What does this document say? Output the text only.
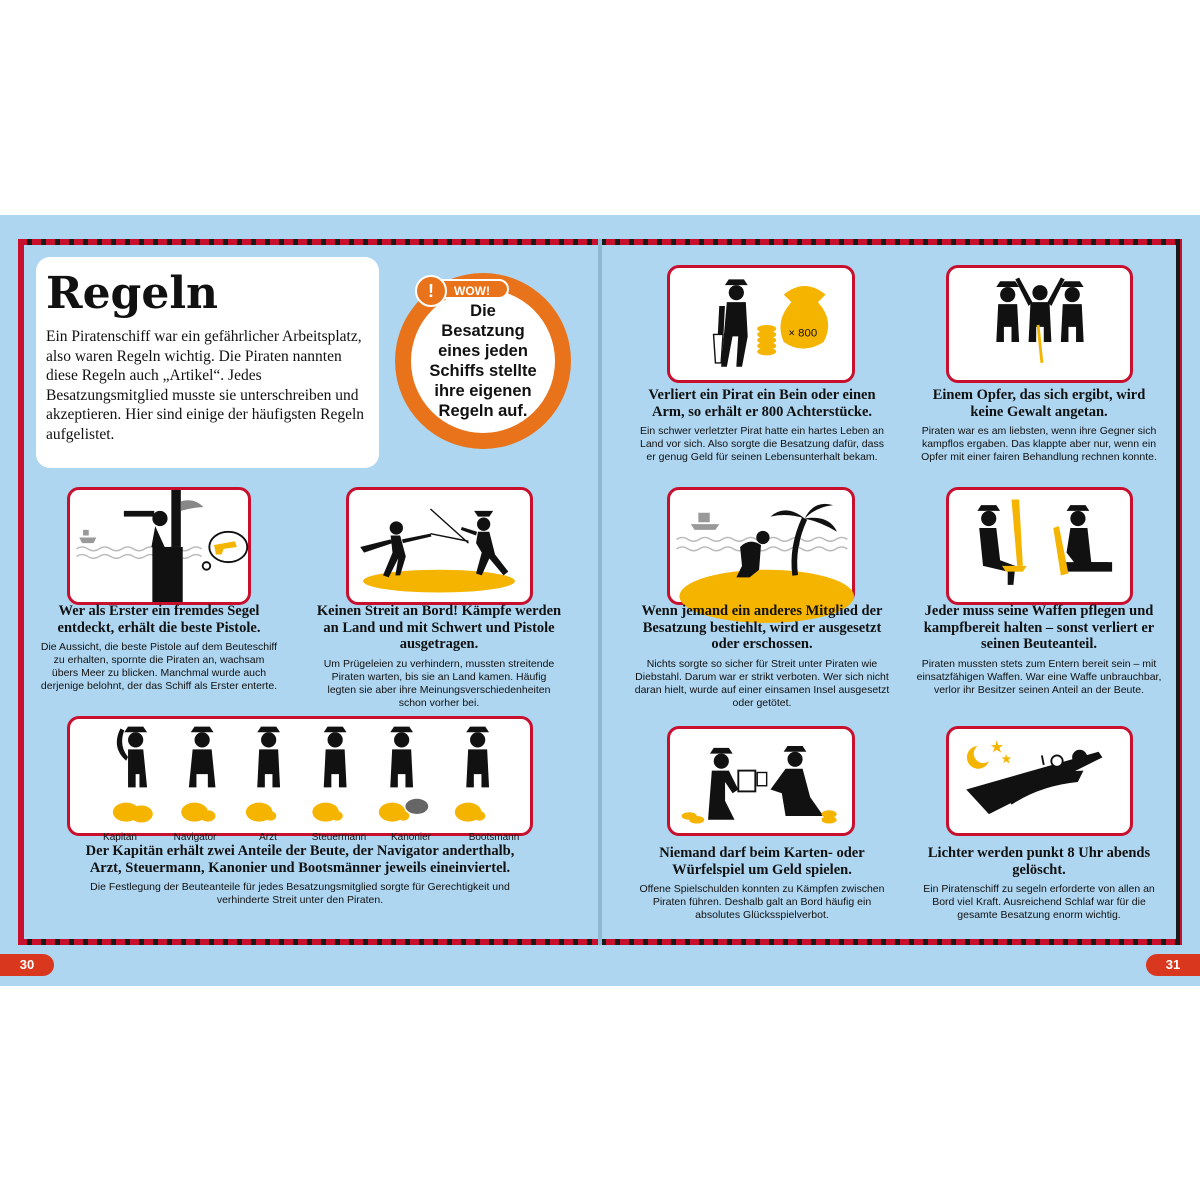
Regeln

Ein Piratenschiff war ein gefährlicher Arbeitsplatz, also waren Regeln wichtig. Die Piraten nannten diese Regeln auch „Artikel“. Jedes Besatzungsmitglied musste sie unterschreiben und akzeptieren. Hier sind einige der häufigsten Regeln aufgelistet.

Die Besatzung eines jeden Schiffs stellte ihre eigenen Regeln auf.
WOW!
!
Wer als Erster ein fremdes Segel entdeckt, erhält die beste Pistole.
Die Aussicht, die beste Pistole auf dem Beuteschiff zu erhalten, spornte die Piraten an, wachsam übers Meer zu blicken. Manchmal wurde auch derjenige belohnt, der das Schiff als Erster enterte.
Keinen Streit an Bord! Kämpfe werden an Land und mit Schwert und Pistole ausgetragen.
Um Prügeleien zu verhindern, mussten streitende Piraten warten, bis sie an Land kamen. Häufig legten sie aber ihre Meinungsverschiedenheiten schon vorher bei.
Kapitän	Navigator	Arzt	Steuermann	Kanonier	Bootsmann
Der Kapitän erhält zwei Anteile der Beute, der Navigator anderthalb, Arzt, Steuermann, Kanonier und Bootsmänner jeweils eineinviertel.
Die Festlegung der Beuteanteile für jedes Besatzungsmitglied sorgte für Gerechtigkeit und verhinderte Streit unter den Piraten.
× 800
Verliert ein Pirat ein Bein oder einen Arm, so erhält er 800 Achterstücke.
Ein schwer verletzter Pirat hatte ein hartes Leben an Land vor sich. Also sorgte die Besatzung dafür, dass er genug Geld für seinen Lebensunterhalt bekam.
Einem Opfer, das sich ergibt, wird keine Gewalt angetan.
Piraten war es am liebsten, wenn ihre Gegner sich kampflos ergaben. Das klappte aber nur, wenn ein Opfer mit einer fairen Behandlung rechnen konnte.
Wenn jemand ein anderes Mitglied der Besatzung bestiehlt, wird er ausgesetzt oder erschossen.
Nichts sorgte so sicher für Streit unter Piraten wie Diebstahl. Darum war er strikt verboten. Wer sich nicht daran hielt, wurde auf einer einsamen Insel ausgesetzt oder getötet.
Jeder muss seine Waffen pflegen und kampfbereit halten – sonst verliert er seinen Beuteanteil.
Piraten mussten stets zum Entern bereit sein – mit einsatzfähigen Waffen. War eine Waffe unbrauchbar, verlor ihr Besitzer seinen Anteil an der Beute.
Niemand darf beim Karten- oder Würfelspiel um Geld spielen.
Offene Spielschulden konnten zu Kämpfen zwischen Piraten führen. Deshalb galt an Bord häufig ein absolutes Glücksspielverbot.
Lichter werden punkt 8 Uhr abends gelöscht.
Ein Piratenschiff zu segeln erforderte von allen an Bord viel Kraft. Ausreichend Schlaf war für die gesamte Besatzung enorm wichtig.
30	31
